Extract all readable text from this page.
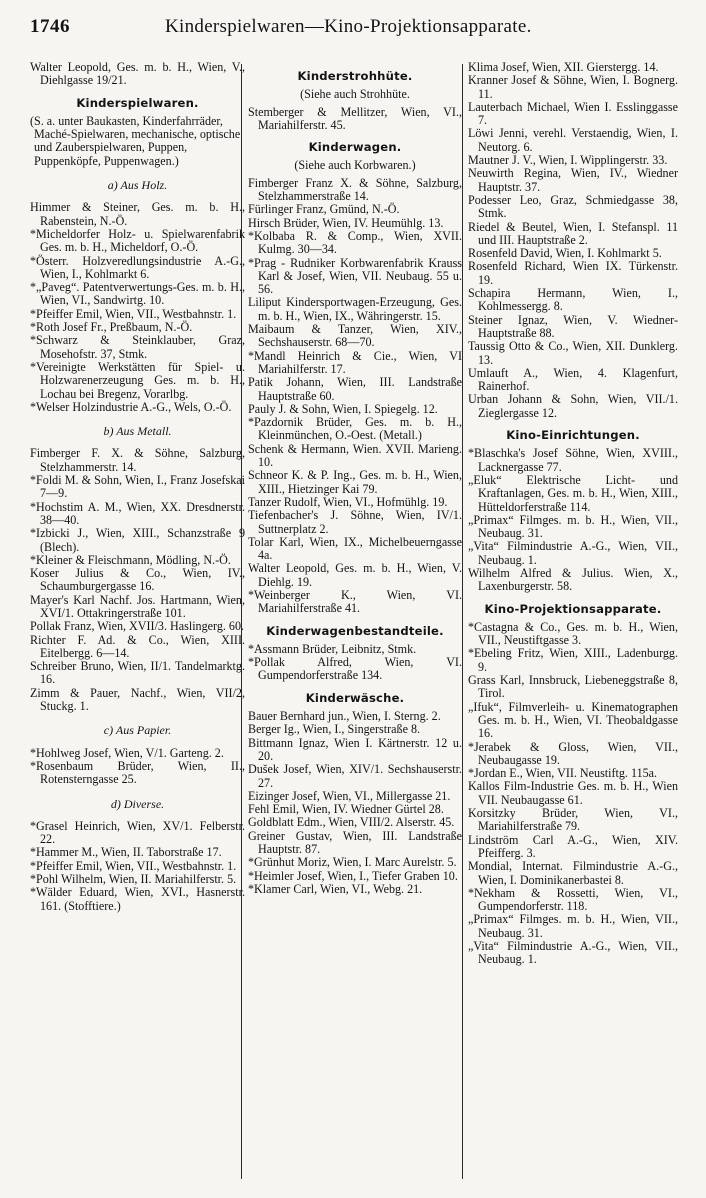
1746	Kinderspielwaren—Kino-Projektionsapparate.

Walter Leopold, Ges. m. b. H., Wien, V., Diehlgasse 19/21.

Kinderspielwaren.

(S. a. unter Baukasten, Kinderfahrräder, Maché-Spielwaren, mechanische, optische und Zauberspielwaren, Puppen, Puppenköpfe, Puppenwagen.)

a) Aus Holz.

Himmer & Steiner, Ges. m. b. H., Rabenstein, N.-Ö.

*Micheldorfer Holz- u. Spielwarenfabrik Ges. m. b. H., Micheldorf, O.-Ö.

*Österr. Holzveredlungsindustrie A.-G., Wien, I., Kohlmarkt 6.

*„Paveg“. Patentverwertungs-Ges. m. b. H., Wien, VI., Sandwirtg. 10.

*Pfeiffer Emil, Wien, VII., Westbahnstr. 1.

*Roth Josef Fr., Preßbaum, N.-Ö.

*Schwarz & Steinklauber, Graz, Mosehofstr. 37, Stmk.

*Vereinigte Werkstätten für Spiel- u. Holzwarenerzeugung Ges. m. b. H., Lochau bei Bregenz, Vorarlbg.

*Welser Holzindustrie A.-G., Wels, O.-Ö.

b) Aus Metall.

Fimberger F. X. & Söhne, Salzburg, Stelzhammerstr. 14.

*Foldi M. & Sohn, Wien, I., Franz Josefskai 7—9.

*Hochstim A. M., Wien, XX. Dresdnerstr. 38—40.

*Izbicki J., Wien, XIII., Schanzstraße 9 (Blech).

*Kleiner & Fleischmann, Mödling, N.-Ö.

Koser Julius & Co., Wien, IV., Schaumburgergasse 16.

Mayer's Karl Nachf. Jos. Hartmann, Wien, XVI/1. Ottakringerstraße 101.

Pollak Franz, Wien, XVII/3. Haslingerg. 60.

Richter F. Ad. & Co., Wien, XIII. Eitelbergg. 6—14.

Schreiber Bruno, Wien, II/1. Tandelmarktg. 16.

Zimm & Pauer, Nachf., Wien, VII/2, Stuckg. 1.

c) Aus Papier.

*Hohlweg Josef, Wien, V/1. Garteng. 2.

*Rosenbaum Brüder, Wien, II., Rotensterngasse 25.

d) Diverse.

*Grasel Heinrich, Wien, XV/1. Felberstr. 22.

*Hammer M., Wien, II. Taborstraße 17.

*Pfeiffer Emil, Wien, VII., Westbahnstr. 1.

*Pohl Wilhelm, Wien, II. Mariahilferstr. 5.

*Wälder Eduard, Wien, XVI., Hasnerstr. 161. (Stofftiere.)

Kinderstrohhüte.

(Siehe auch Strohhüte.

Stemberger & Mellitzer, Wien, VI., Mariahilferstr. 45.

Kinderwagen.

(Siehe auch Korbwaren.)

Fimberger Franz X. & Söhne, Salzburg, Stelzhammerstraße 14.

Fürlinger Franz, Gmünd, N.-Ö.

Hirsch Brüder, Wien, IV. Heumühlg. 13.

*Kolbaba R. & Comp., Wien, XVII. Kulmg. 30—34.

*Prag - Rudniker Korbwarenfabrik Krauss Karl & Josef, Wien, VII. Neubaug. 55 u. 56.

Liliput Kindersportwagen-Erzeugung, Ges. m. b. H., Wien, IX., Währingerstr. 15.

Maibaum & Tanzer, Wien, XIV., Sechshauserstr. 68—70.

*Mandl Heinrich & Cie., Wien, VI Mariahilferstr. 17.

Patik Johann, Wien, III. Landstraße Hauptstraße 60.

Pauly J. & Sohn, Wien, I. Spiegelg. 12.

*Pazdornik Brüder, Ges. m. b. H., Kleinmünchen, O.-Oest. (Metall.)

Schenk & Hermann, Wien. XVII. Marieng. 10.

Schneor K. & P. Ing., Ges. m. b. H., Wien, XIII., Hietzinger Kai 79.

Tanzer Rudolf, Wien, VI., Hofmühlg. 19.

Tiefenbacher's J. Söhne, Wien, IV/1. Suttnerplatz 2.

Tolar Karl, Wien, IX., Michelbeuerngasse 4a.

Walter Leopold, Ges. m. b. H., Wien, V. Diehlg. 19.

*Weinberger K., Wien, VI. Mariahilferstraße 41.

Kinderwagenbestandteile.

*Assmann Brüder, Leibnitz, Stmk.

*Pollak Alfred, Wien, VI. Gumpendorferstraße 134.

Kinderwäsche.

Bauer Bernhard jun., Wien, I. Sterng. 2.

Berger Ig., Wien, I., Singerstraße 8.

Bittmann Ignaz, Wien I. Kärtnerstr. 12 u. 20.

Dušek Josef, Wien, XIV/1. Sechshauserstr. 27.

Eizinger Josef, Wien, VI., Millergasse 21.

Fehl Emil, Wien, IV. Wiedner Gürtel 28.

Goldblatt Edm., Wien, VIII/2. Alserstr. 45.

Greiner Gustav, Wien, III. Landstraße Hauptstr. 87.

*Grünhut Moriz, Wien, I. Marc Aurelstr. 5.

*Heimler Josef, Wien, I., Tiefer Graben 10.

*Klamer Carl, Wien, VI., Webg. 21.

Klima Josef, Wien, XII. Gierstergg. 14.

Kranner Josef & Söhne, Wien, I. Bognerg. 11.

Lauterbach Michael, Wien I. Esslinggasse 7.

Löwi Jenni, verehl. Verstaendig, Wien, I. Neutorg. 6.

Mautner J. V., Wien, I. Wipplingerstr. 33.

Neuwirth Regina, Wien, IV., Wiedner Hauptstr. 37.

Podesser Leo, Graz, Schmiedgasse 38, Stmk.

Riedel & Beutel, Wien, I. Stefanspl. 11 und III. Hauptstraße 2.

Rosenfeld David, Wien, I. Kohlmarkt 5.

Rosenfeld Richard, Wien IX. Türkenstr. 19.

Schapira Hermann, Wien, I., Kohlmessergg. 8.

Steiner Ignaz, Wien, V. Wiedner-Hauptstraße 88.

Taussig Otto & Co., Wien, XII. Dunklerg. 13.

Umlauft A., Wien, 4. Klagenfurt, Rainerhof.

Urban Johann & Sohn, Wien, VII./1. Zieglergasse 12.

Kino-Einrichtungen.

*Blaschka's Josef Söhne, Wien, XVIII., Lacknergasse 77.

„Eluk“ Elektrische Licht- und Kraftanlagen, Ges. m. b. H., Wien, XIII., Hütteldorferstraße 114.

„Primax“ Filmges. m. b. H., Wien, VII., Neubaug. 31.

„Vita“ Filmindustrie A.-G., Wien, VII., Neubaug. 1.

Wilhelm Alfred & Julius. Wien, X., Laxenburgerstr. 58.

Kino-Projektionsapparate.

*Castagna & Co., Ges. m. b. H., Wien, VII., Neustiftgasse 3.

*Ebeling Fritz, Wien, XIII., Ladenburgg. 9.

Grass Karl, Innsbruck, Liebeneggstraße 8, Tirol.

„Ifuk“, Filmverleih- u. Kinematographen Ges. m. b. H., Wien, VI. Theobaldgasse 16.

*Jerabek & Gloss, Wien, VII., Neubaugasse 19.

*Jordan E., Wien, VII. Neustiftg. 115a.

Kallos Film-Industrie Ges. m. b. H., Wien VII. Neubaugasse 61.

Korsitzky Brüder, Wien, VI., Mariahilferstraße 79.

Lindström Carl A.-G., Wien, XIV. Pfeifferg. 3.

Mondial, Internat. Filmindustrie A.-G., Wien, I. Dominikanerbastei 8.

*Nekham & Rossetti, Wien, VI., Gumpendorferstr. 118.

„Primax“ Filmges. m. b. H., Wien, VII., Neubaug. 31.

„Vita“ Filmindustrie A.-G., Wien, VII., Neubaug. 1.
